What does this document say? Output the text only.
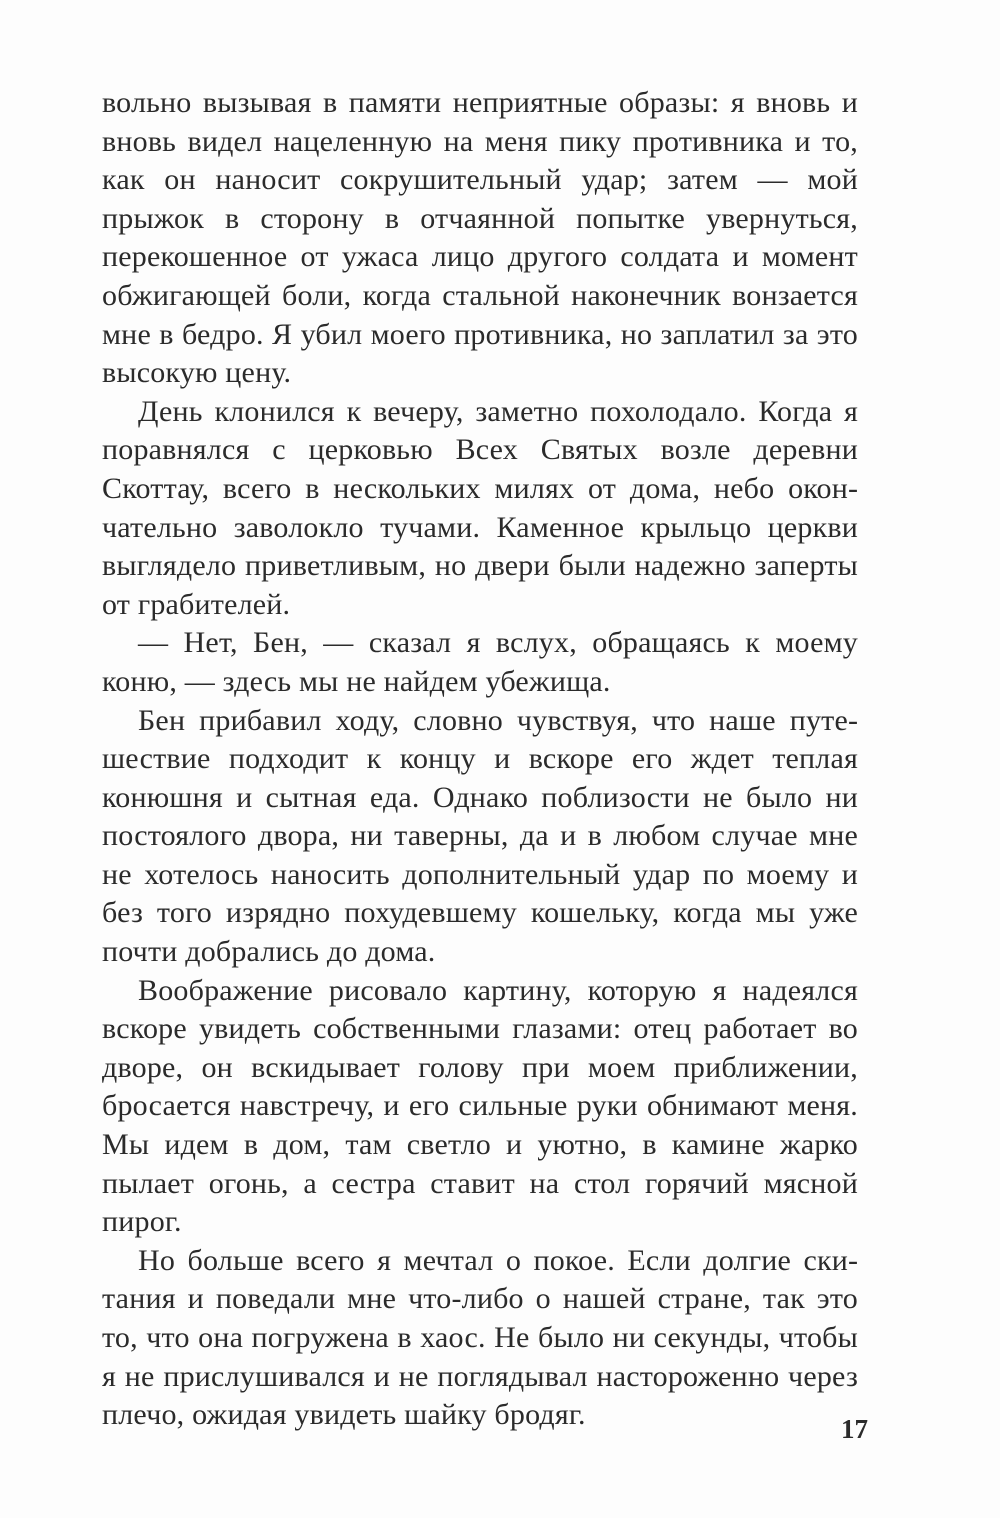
вольно вызывая в памяти неприятные образы: я вновь и вновь видел нацеленную на меня пику противника и то, как он наносит сокрушительный удар; затем — мой прыжок в сторону в отчаянной попытке увернуться, перекошенное от ужаса лицо другого солдата и момент обжигающей боли, когда стальной наконечник вонзается мне в бедро. Я убил моего противника, но заплатил за это высокую цену.

День клонился к вечеру, заметно похолодало. Когда я поравнялся с церковью Всех Святых возле деревни Скоттау, всего в нескольких милях от дома, небо окончательно заволокло тучами. Каменное крыльцо церкви выглядело приветливым, но двери были надежно заперты от грабителей.

— Нет, Бен, — сказал я вслух, обращаясь к моему коню, — здесь мы не найдем убежища.

Бен прибавил ходу, словно чувствуя, что наше путешествие подходит к концу и вскоре его ждет теплая конюшня и сытная еда. Однако поблизости не было ни постоялого двора, ни таверны, да и в любом случае мне не хотелось наносить дополнительный удар по моему и без того изрядно похудевшему кошельку, когда мы уже почти добрались до дома.

Воображение рисовало картину, которую я надеялся вскоре увидеть собственными глазами: отец работает во дворе, он вскидывает голову при моем приближении, бросается навстречу, и его сильные руки обнимают меня. Мы идем в дом, там светло и уютно, в камине жарко пылает огонь, а сестра ставит на стол горячий мясной пирог.

Но больше всего я мечтал о покое. Если долгие скитания и поведали мне что-либо о нашей стране, так это то, что она погружена в хаос. Не было ни секунды, чтобы я не прислушивался и не поглядывал настороженно через плечо, ожидая увидеть шайку бродяг.	17
